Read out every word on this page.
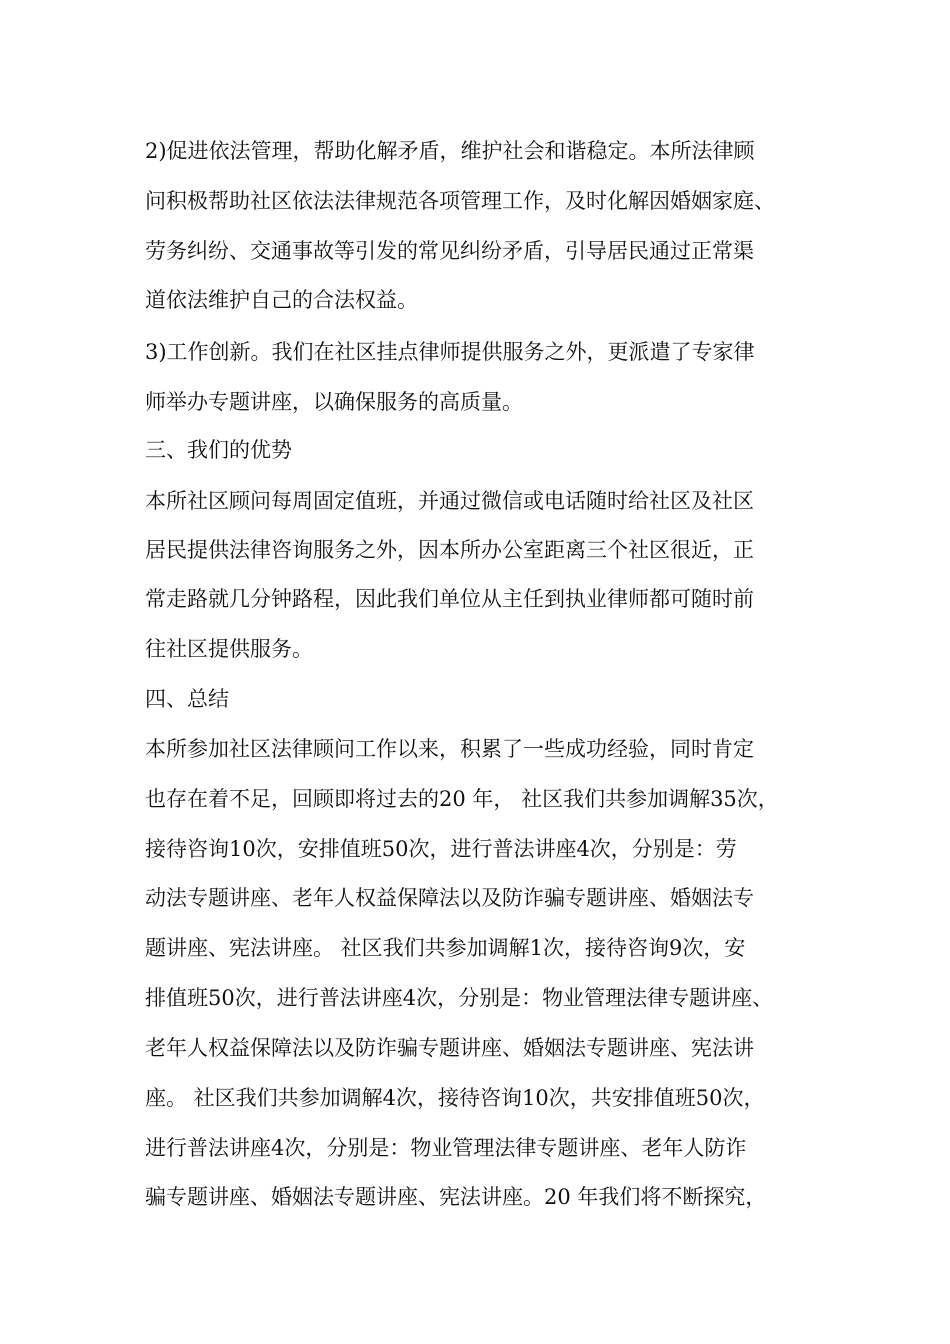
2)促进依法管理，帮助化解矛盾，维护社会和谐稳定。本所法律顾
问积极帮助社区依法法律规范各项管理工作，及时化解因婚姻家庭、
劳务纠纷、交通事故等引发的常见纠纷矛盾，引导居民通过正常渠
道依法维护自己的合法权益。
3)工作创新。我们在社区挂点律师提供服务之外，更派遣了专家律
师举办专题讲座，以确保服务的高质量。
三、我们的优势
本所社区顾问每周固定值班，并通过微信或电话随时给社区及社区
居民提供法律咨询服务之外，因本所办公室距离三个社区很近，正
常走路就几分钟路程，因此我们单位从主任到执业律师都可随时前
往社区提供服务。
四、总结
本所参加社区法律顾问工作以来，积累了一些成功经验，同时肯定
也存在着不足，回顾即将过去的20 年， 社区我们共参加调解35次，
接待咨询10次，安排值班50次，进行普法讲座4次，分别是：劳
动法专题讲座、老年人权益保障法以及防诈骗专题讲座、婚姻法专
题讲座、宪法讲座。 社区我们共参加调解1次，接待咨询9次，安
排值班50次，进行普法讲座4次，分别是：物业管理法律专题讲座、
老年人权益保障法以及防诈骗专题讲座、婚姻法专题讲座、宪法讲
座。 社区我们共参加调解4次，接待咨询10次，共安排值班50次，
进行普法讲座4次，分别是：物业管理法律专题讲座、老年人防诈
骗专题讲座、婚姻法专题讲座、宪法讲座。20 年我们将不断探究，
